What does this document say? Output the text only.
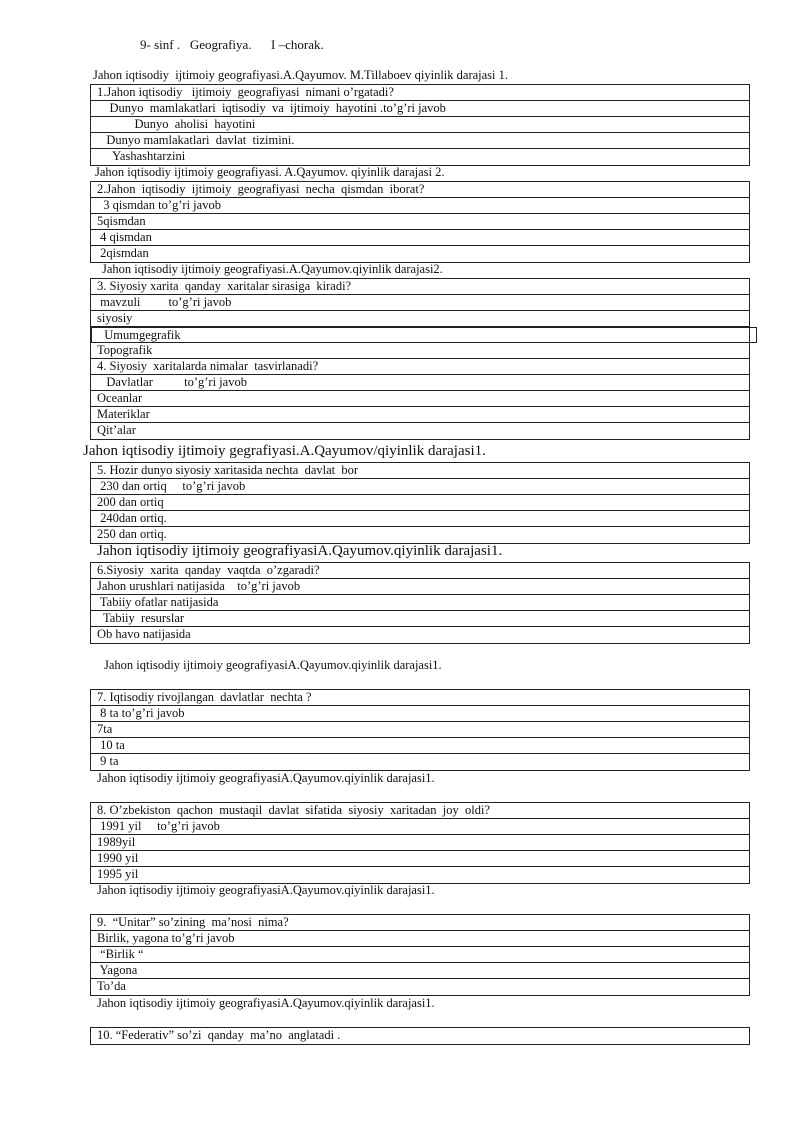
9- sinf .   Geografiya.      I –chorak.
Jahon iqtisodiy  ijtimoiy geografiyasi.A.Qayumov. M.Tillaboev qiyinlik darajasi 1.
1.Jahon iqtisodiy   ijtimoiy  geografiyasi  nimani o’rgatadi?
Dunyo  mamlakatlari  iqtisodiy  va  ijtimoiy  hayotini .to’g’ri javob
Dunyo  aholisi  hayotini
Dunyo mamlakatlari  davlat  tizimini.
Yashashtarzini
Jahon iqtisodiy ijtimoiy geografiyasi. A.Qayumov. qiyinlik darajasi 2.
2.Jahon  iqtisodiy  ijtimoiy  geografiyasi  necha  qismdan  iborat?
3 qismdan to’g’ri javob
5qismdan
4 qismdan
2qismdan
Jahon iqtisodiy ijtimoiy geografiyasi.A.Qayumov.qiyinlik darajasi2.
3. Siyosiy xarita  qanday  xaritalar sirasiga  kiradi?
mavzuli         to’g’ri javob
siyosiy
Umumgegrafik
Topografik
4. Siyosiy  xaritalarda nimalar  tasvirlanadi?
Davlatlar          to’g’ri javob
Oceanlar
Materiklar
Qit’alar
Jahon iqtisodiy ijtimoiy gegrafiyasi.A.Qayumov/qiyinlik darajasi1.
5. Hozir dunyo siyosiy xaritasida nechta  davlat  bor
230 dan ortiq     to’g’ri javob
200 dan ortiq
240dan ortiq.
250 dan ortiq.
Jahon iqtisodiy ijtimoiy geografiyasiA.Qayumov.qiyinlik darajasi1.
6.Siyosiy  xarita  qanday  vaqtda  o’zgaradi?
Jahon urushlari natijasida    to’g’ri javob
Tabiiy ofatlar natijasida
Tabiiy  resurslar
Ob havo natijasida
Jahon iqtisodiy ijtimoiy geografiyasiA.Qayumov.qiyinlik darajasi1.
7. Iqtisodiy rivojlangan  davlatlar  nechta ?
8 ta to’g’ri javob
7ta
10 ta
9 ta
Jahon iqtisodiy ijtimoiy geografiyasiA.Qayumov.qiyinlik darajasi1.
8. O’zbekiston  qachon  mustaqil  davlat  sifatida  siyosiy  xaritadan  joy  oldi?
1991 yil     to’g’ri javob
1989yil
1990 yil
1995 yil
Jahon iqtisodiy ijtimoiy geografiyasiA.Qayumov.qiyinlik darajasi1.
9.  “Unitar” so’zining  ma’nosi  nima?
Birlik, yagona to’g’ri javob
“Birlik “
Yagona
To’da
Jahon iqtisodiy ijtimoiy geografiyasiA.Qayumov.qiyinlik darajasi1.
10. “Federativ” so’zi  qanday  ma’no  anglatadi .
